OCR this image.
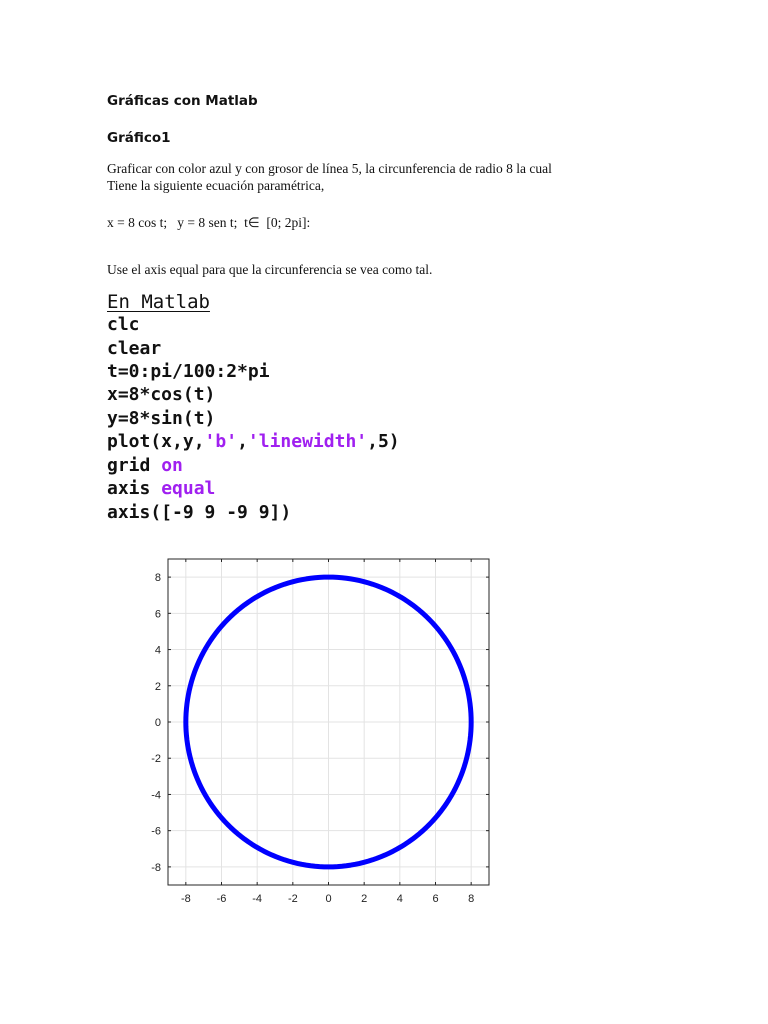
Gráficas con Matlab
Gráfico1
Graficar con color azul y con grosor de línea 5, la circunferencia de radio 8 la cual
Tiene la siguiente ecuación paramétrica,
x = 8 cos t;   y = 8 sen t;  t∈  [0; 2pi]:
Use el axis equal para que la circunferencia se vea como tal.
En Matlab
clc
clear
t=0:pi/100:2*pi
x=8*cos(t)
y=8*sin(t)
plot(x,y,'b','linewidth',5)
grid on
axis equal
axis([-9 9 -9 9])
-8 -6 -4 -2	0	2	4	6	8
-8
-6
-4
-2
0
2
4
6
8
